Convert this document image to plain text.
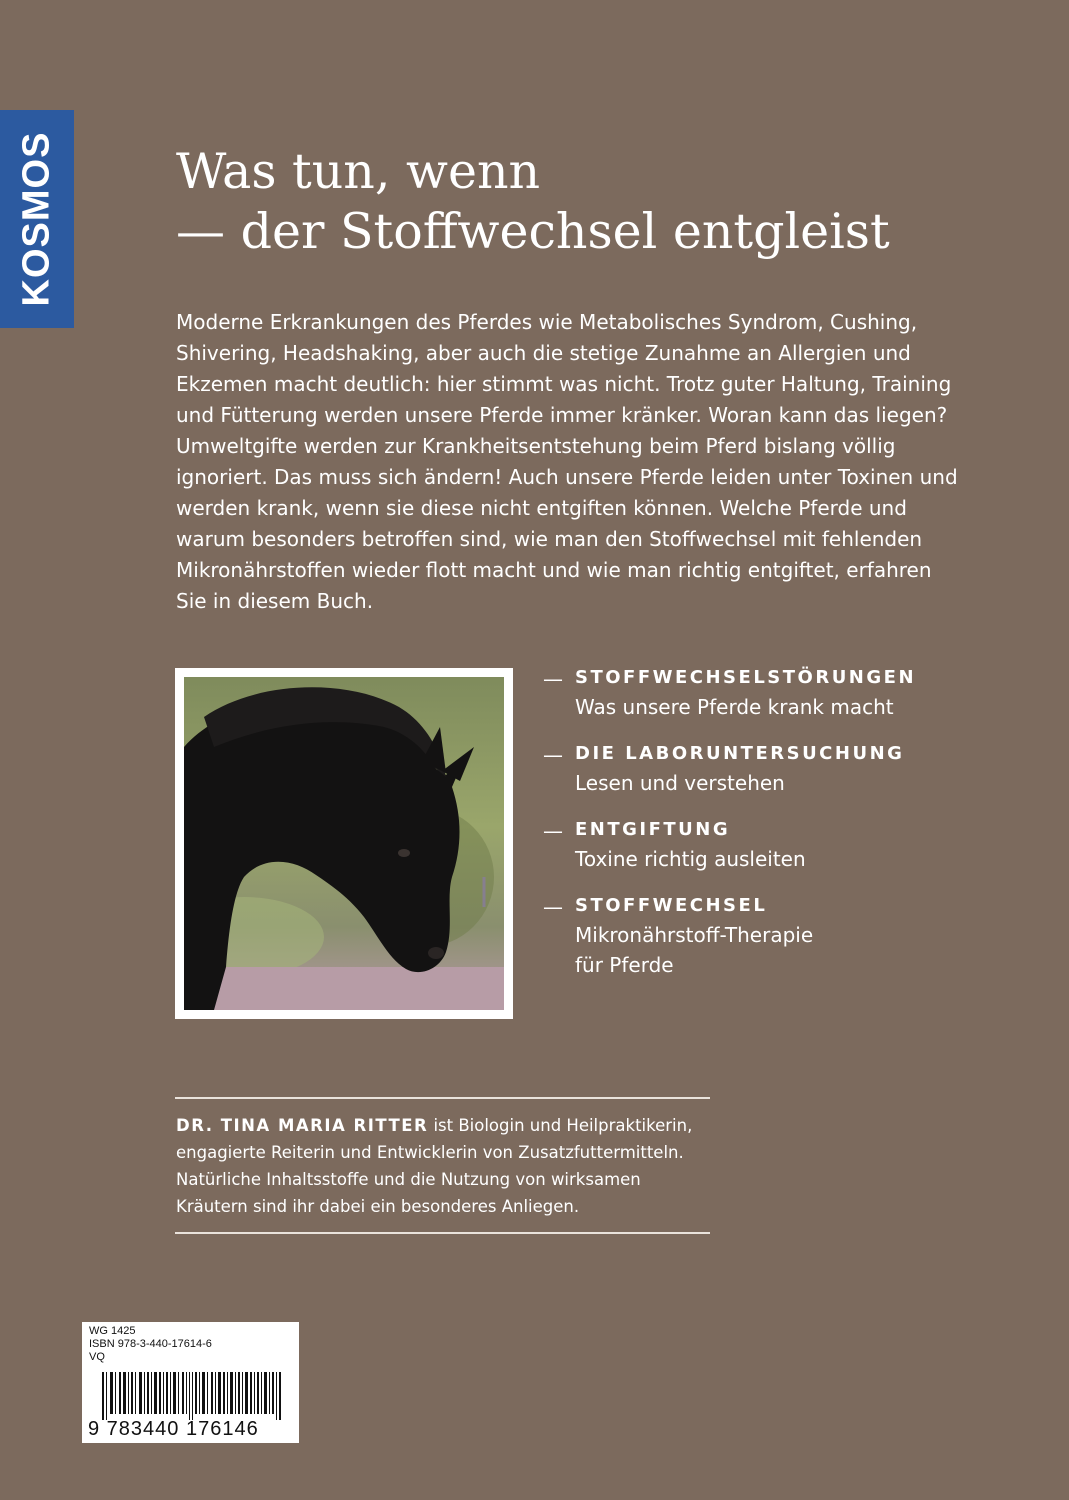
KOSMOS Was tun, wenn
— der Stoffwechsel entgleist

Moderne Erkrankungen des Pferdes wie Metabolisches Syndrom, Cushing, Shivering, Headshaking, aber auch die stetige Zunahme an Allergien und Ekzemen macht deutlich: hier stimmt was nicht. Trotz guter Haltung, Training und Fütterung werden unsere Pferde immer kränker. Woran kann das liegen? Umweltgifte werden zur Krankheitsentstehung beim Pferd bislang völlig ignoriert. Das muss sich ändern! Auch unsere Pferde leiden unter Toxinen und werden krank, wenn sie diese nicht entgiften können. Welche Pferde und warum besonders betroffen sind, wie man den Stoffwechsel mit fehlenden Mikronährstoffen wieder flott macht und wie man richtig entgiftet, erfahren Sie in diesem Buch.

— STOFFWECHSELSTÖRUNGEN
Was unsere Pferde krank macht
— DIE LABORUNTERSUCHUNG
Lesen und verstehen
— ENTGIFTUNG
Toxine richtig ausleiten
— STOFFWECHSEL
Mikronährstoff-Therapie für Pferde
DR. TINA MARIA RITTER ist Biologin und Heilpraktikerin, engagierte Reiterin und Entwicklerin von Zusatzfuttermitteln. Natürliche Inhaltsstoffe und die Nutzung von wirksamen Kräutern sind ihr dabei ein besonderes Anliegen.
WG 1425
ISBN 978-3-440-17614-6
VQ
9 783440 176146
